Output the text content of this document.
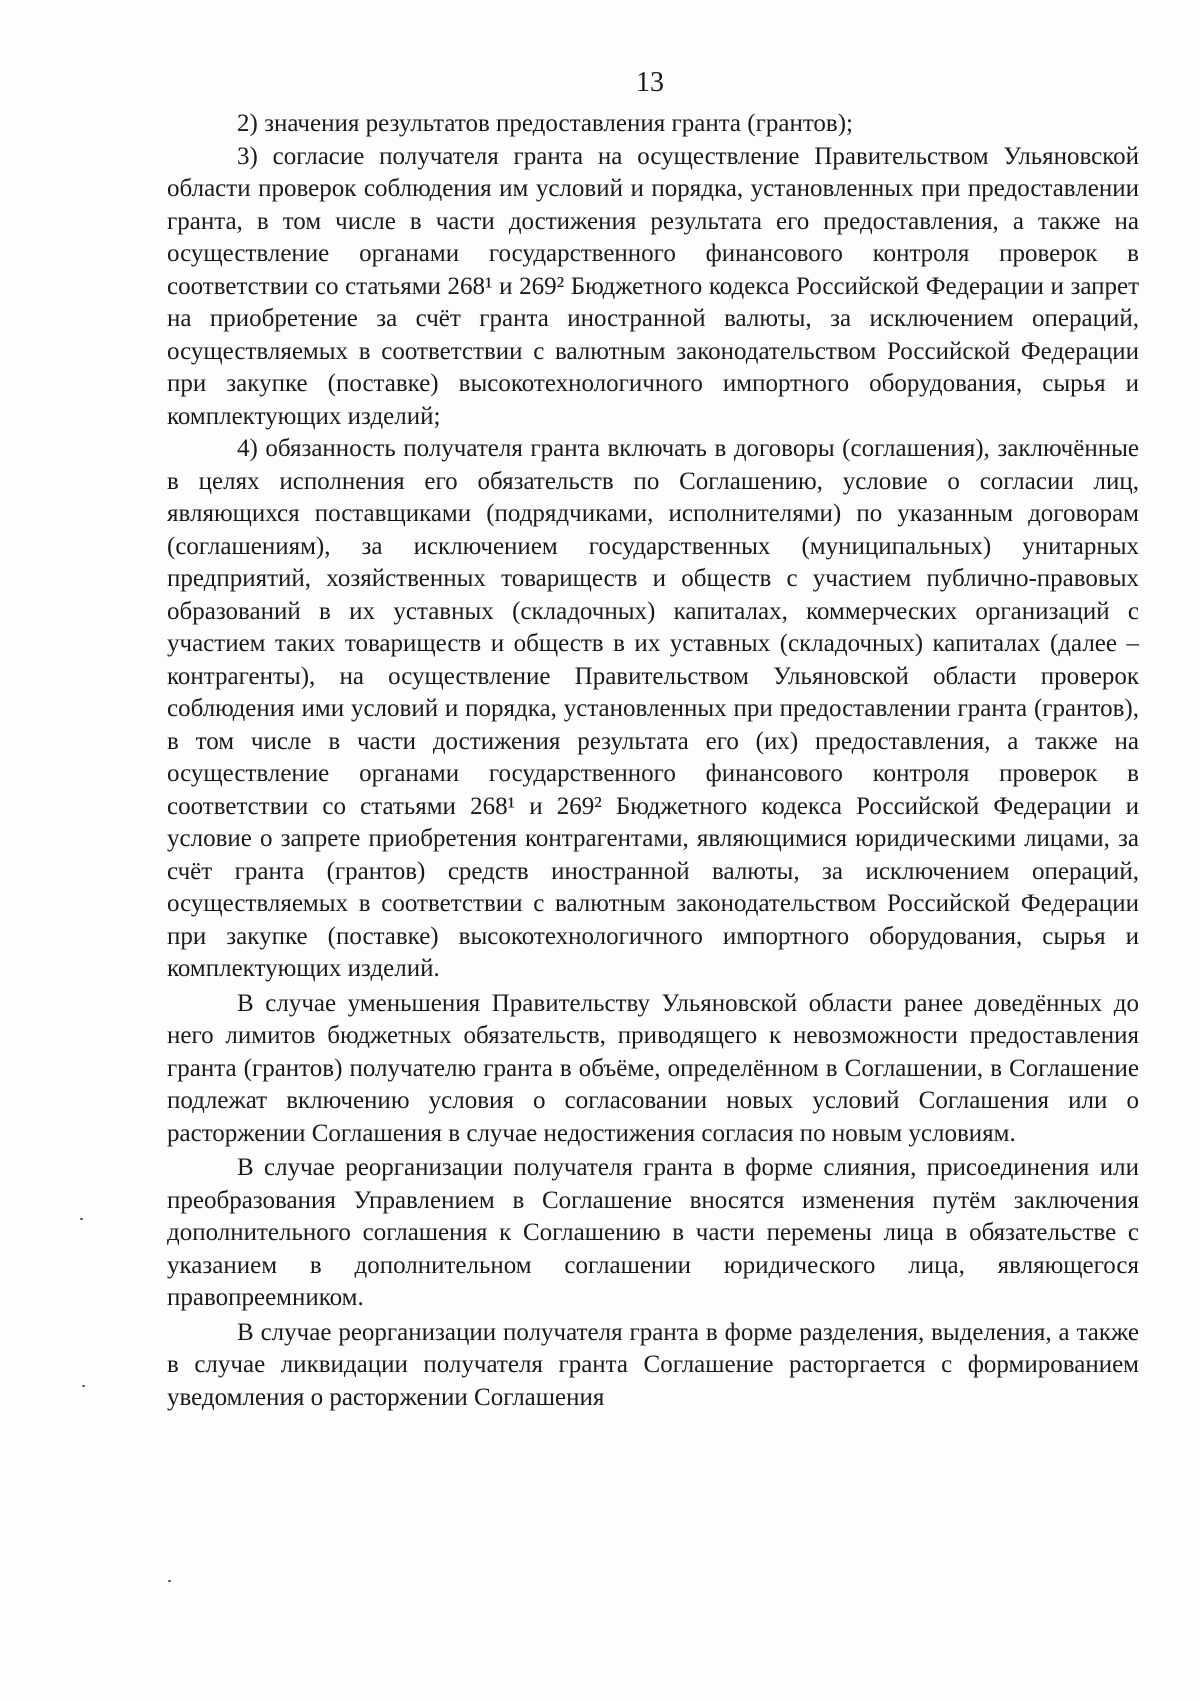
13

2) значения результатов предоставления гранта (грантов);

3) согласие получателя гранта на осуществление Правительством Ульяновской области проверок соблюдения им условий и порядка, установленных при предоставлении гранта, в том числе в части достижения результата его предоставления, а также на осуществление органами государственного финансового контроля проверок в соответствии со статьями 268¹ и 269² Бюджетного кодекса Российской Федерации и запрет на приобретение за счёт гранта иностранной валюты, за исключением операций, осуществляемых в соответствии с валютным законодательством Российской Федерации при закупке (поставке) высокотехнологичного импортного оборудования, сырья и комплектующих изделий;

4) обязанность получателя гранта включать в договоры (соглашения), заключённые в целях исполнения его обязательств по Соглашению, условие о согласии лиц, являющихся поставщиками (подрядчиками, исполнителями) по указанным договорам (соглашениям), за исключением государственных (муниципальных) унитарных предприятий, хозяйственных товариществ и обществ с участием публично-правовых образований в их уставных (складочных) капиталах, коммерческих организаций с участием таких товариществ и обществ в их уставных (складочных) капиталах (далее – контрагенты), на осуществление Правительством Ульяновской области проверок соблюдения ими условий и порядка, установленных при предоставлении гранта (грантов), в том числе в части достижения результата его (их) предоставления, а также на осуществление органами государственного финансового контроля проверок в соответствии со статьями 268¹ и 269² Бюджетного кодекса Российской Федерации и условие о запрете приобретения контрагентами, являющимися юридическими лицами, за счёт гранта (грантов) средств иностранной валюты, за исключением операций, осуществляемых в соответствии с валютным законодательством Российской Федерации при закупке (поставке) высокотехнологичного импортного оборудования, сырья и комплектующих изделий.

В случае уменьшения Правительству Ульяновской области ранее доведённых до него лимитов бюджетных обязательств, приводящего к невозможности предоставления гранта (грантов) получателю гранта в объёме, определённом в Соглашении, в Соглашение подлежат включению условия о согласовании новых условий Соглашения или о расторжении Соглашения в случае недостижения согласия по новым условиям.

В случае реорганизации получателя гранта в форме слияния, присоединения или преобразования Управлением в Соглашение вносятся изменения путём заключения дополнительного соглашения к Соглашению в части перемены лица в обязательстве с указанием в дополнительном соглашении юридического лица, являющегося правопреемником.

В случае реорганизации получателя гранта в форме разделения, выделения, а также в случае ликвидации получателя гранта Соглашение расторгается с формированием уведомления о расторжении Соглашения
